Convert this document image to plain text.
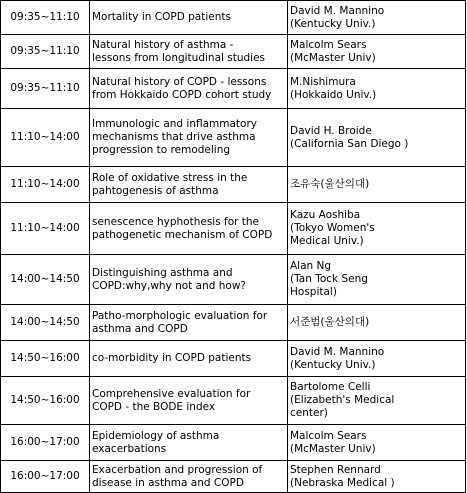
09:35~11:10	Mortality in COPD patients	David M. Mannino
(Kentucky Univ.)

09:35~11:10	Natural history of asthma -
lessons from longitudinal studies	Malcolm Sears
(McMaster Univ)

09:35~11:10	Natural history of COPD - lessons
from Hokkaido COPD cohort study	M.Nishimura
(Hokkaido Univ.)

11:10~14:00	Immunologic and inflammatory
mechanisms that drive asthma
progression to remodeling	David H. Broide
(California San Diego )

11:10~14:00	Role of oxidative stress in the
pahtogenesis of asthma	조유숙(울산의대)

11:10~14:00	senescence hyphothesis for the
pathogenetic mechanism of COPD	Kazu Aoshiba
(Tokyo Women's
Medical Univ.)

14:00~14:50	Distinguishing asthma and
COPD:why,why not and how?	Alan Ng
(Tan Tock Seng
Hospital)

14:00~14:50	Patho-morphologic evaluation for
asthma and COPD	서준범(울산의대)

14:50~16:00	co-morbidity in COPD patients	David M. Mannino
(Kentucky Univ.)

14:50~16:00	Comprehensive evaluation for
COPD - the BODE index	Bartolome Celli
(Elizabeth's Medical
center)

16:00~17:00	Epidemiology of asthma
exacerbations	Malcolm Sears
(McMaster Univ)

16:00~17:00	Exacerbation and progression of
disease in asthma and COPD	Stephen Rennard
(Nebraska Medical )
